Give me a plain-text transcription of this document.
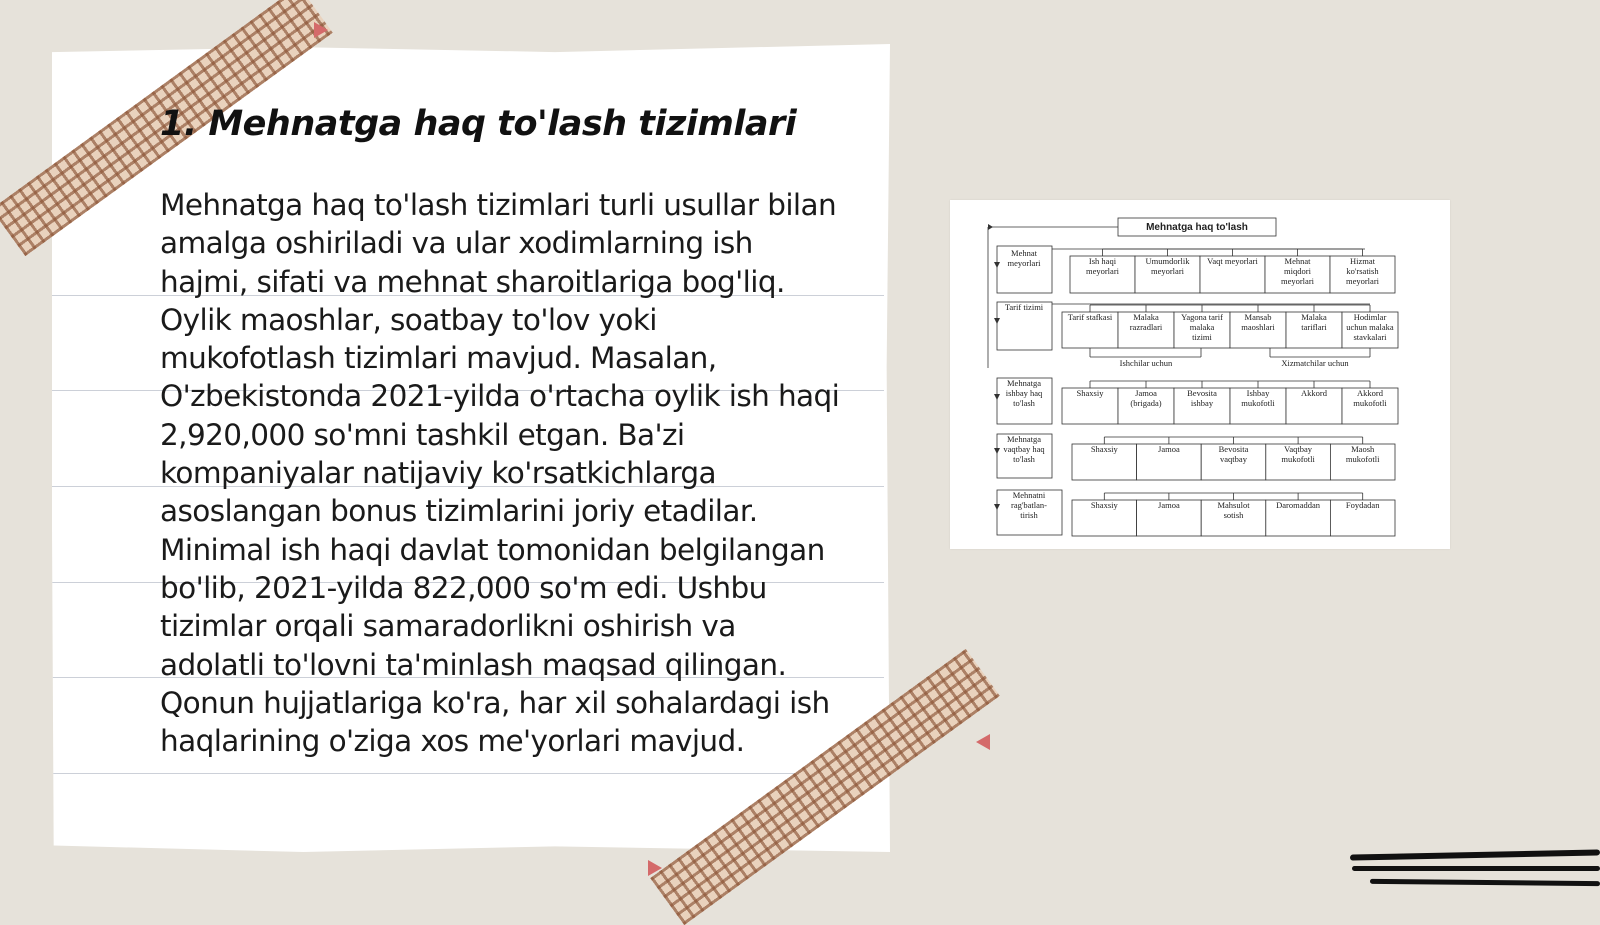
1. Mehnatga haq to'lash tizimlari

Mehnatga haq to'lash tizimlari turli usullar bilan amalga oshiriladi va ular xodimlarning ish hajmi, sifati va mehnat sharoitlariga bog'liq. Oylik maoshlar, soatbay to'lov yoki mukofotlash tizimlari mavjud. Masalan, O'zbekistonda 2021-yilda o'rtacha oylik ish haqi 2,920,000 so'mni tashkil etgan. Ba'zi kompaniyalar natijaviy ko'rsatkichlarga asoslangan bonus tizimlarini joriy etadilar. Minimal ish haqi davlat tomonidan belgilangan bo'lib, 2021-yilda 822,000 so'm edi. Ushbu tizimlar orqali samaradorlikni oshirish va adolatli to'lovni ta'minlash maqsad qilingan. Qonun hujjatlariga ko'ra, har xil sohalardagi ish haqlarining o'ziga xos me'yorlari mavjud.

Mehnatga haq to'lash
Mehnat meyorlari	Ish haqi meyorlari
Umumdorlik meyorlari
Vaqt meyorlari	Mehnat miqdori meyorlari
Hizmat ko'rsatish meyorlari
Tarif tizimi
Tarif stafkasi	Malaka razradlari
Yagona tarif malaka tizimi
Mansab maoshlari
Malaka tariflari
Hodimlar uchun malaka stavkalari
Ishchilar uchun	Xizmatchilar uchun
Mehnatga ishbay haq to'lash
Shaxsiy	Jamoa (brigada)
Bevosita ishbay
Ishbay mukofotli
Akkord	Akkord mukofotli
Mehnatga vaqtbay haq to'lash
Shaxsiy	Jamoa	Bevosita vaqtbay
Vaqtbay mukofotli
Maosh mukofotli
Mehnatni rag'batlan-tirish
Shaxsiy	Jamoa	Mahsulot sotish
Daromaddan	Foydadan
